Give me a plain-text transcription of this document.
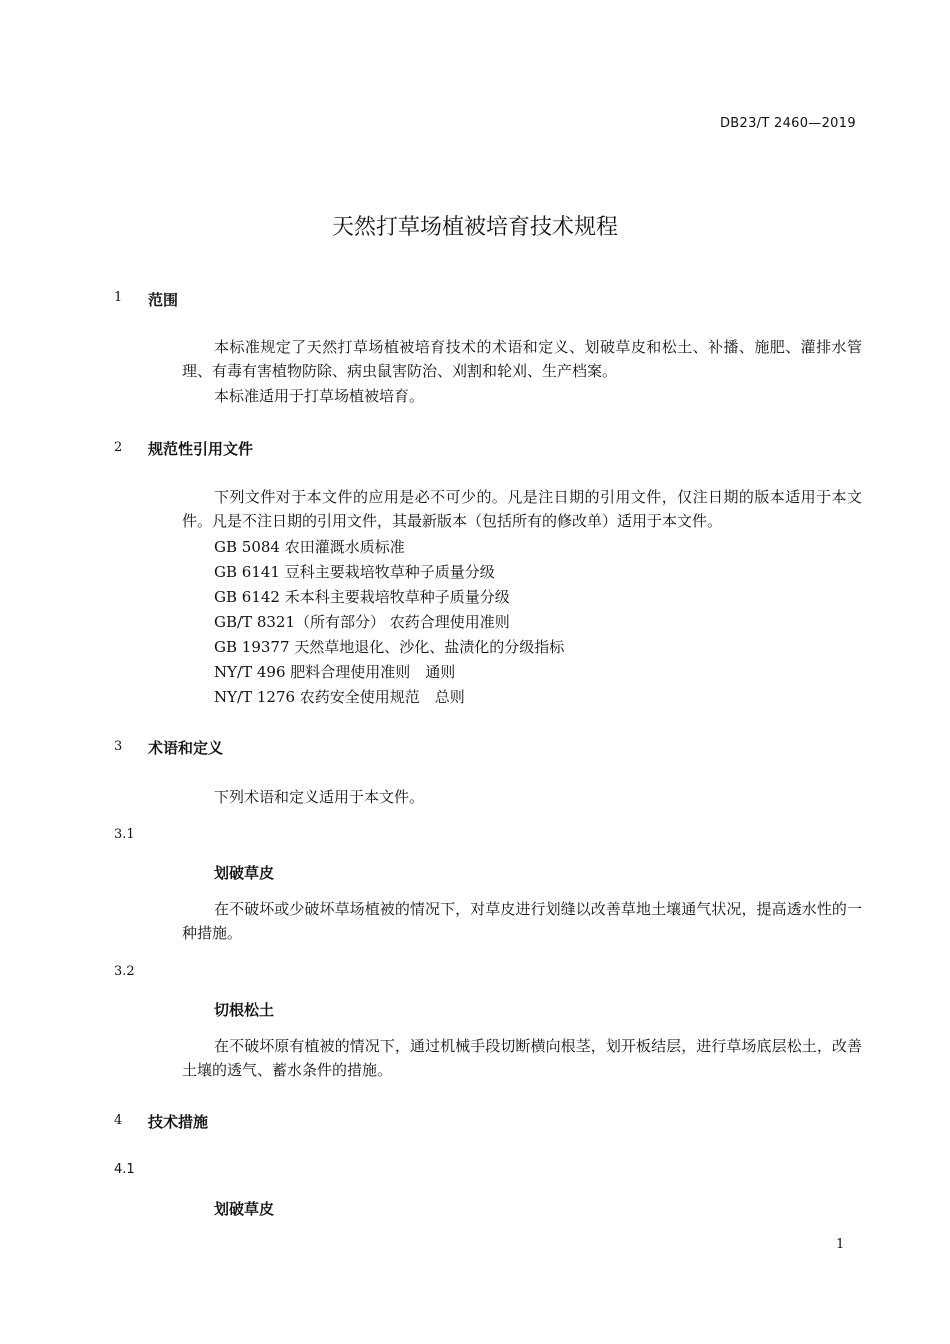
DB23/T 2460—2019
天然打草场植被培育技术规程
1 范围
本标准规定了天然打草场植被培育技术的术语和定义、划破草皮和松土、补播、施肥、灌排水管理、有毒有害植物防除、病虫鼠害防治、刈割和轮刈、生产档案。
本标准适用于打草场植被培育。
2 规范性引用文件
下列文件对于本文件的应用是必不可少的。凡是注日期的引用文件，仅注日期的版本适用于本文件。凡是不注日期的引用文件，其最新版本（包括所有的修改单）适用于本文件。
GB 5084 农田灌溉水质标准
GB 6141 豆科主要栽培牧草种子质量分级
GB 6142 禾本科主要栽培牧草种子质量分级
GB/T 8321（所有部分） 农药合理使用准则
GB 19377 天然草地退化、沙化、盐渍化的分级指标
NY/T 496 肥料合理使用准则　通则
NY/T 1276 农药安全使用规范　总则
3 术语和定义
下列术语和定义适用于本文件。
3.1
划破草皮
在不破坏或少破坏草场植被的情况下，对草皮进行划缝以改善草地土壤通气状况，提高透水性的一种措施。
3.2
切根松土
在不破坏原有植被的情况下，通过机械手段切断横向根茎，划开板结层，进行草场底层松土，改善土壤的透气、蓄水条件的措施。
4 技术措施
4.1
划破草皮
1
